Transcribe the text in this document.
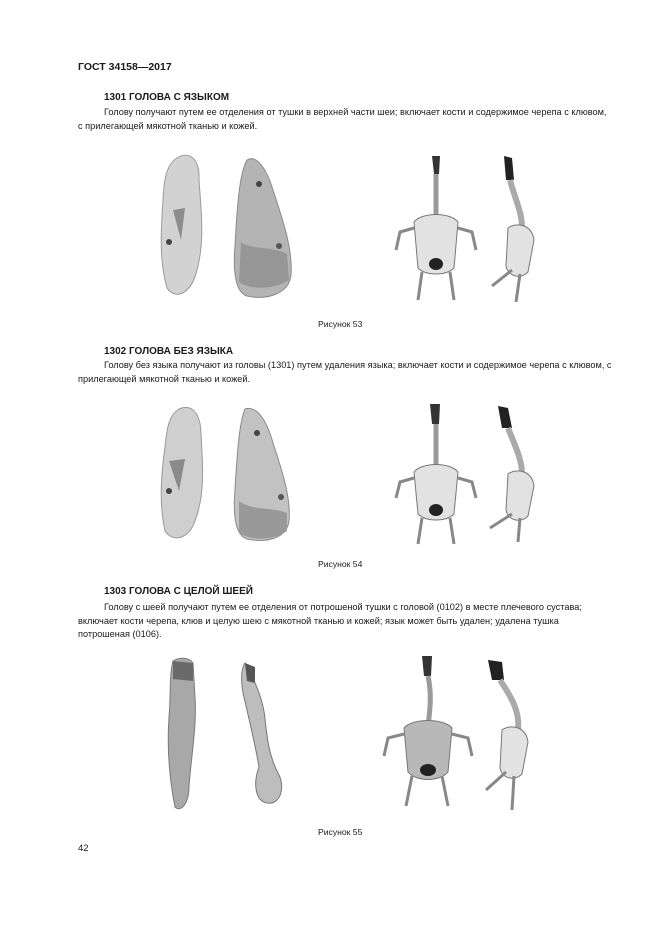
ГОСТ 34158—2017
1301 ГОЛОВА С ЯЗЫКОМ
Голову получают путем ее отделения от тушки в верхней части шеи; включает кости и содержимое черепа с клювом, с прилегающей мякотной тканью и кожей.
Рисунок 53
1302 ГОЛОВА БЕЗ ЯЗЫКА
Голову без языка получают из головы (1301) путем удаления языка; включает кости и содержимое черепа с клювом, с прилегающей мякотной тканью и кожей.
Рисунок 54
1303 ГОЛОВА С ЦЕЛОЙ ШЕЕЙ
Голову с шеей получают путем ее отделения от потрошеной тушки с головой (0102) в месте плечевого сустава; включает кости черепа, клюв и целую шею с мякотной тканью и кожей; язык может быть удален; удалена тушка потрошеная (0106).
Рисунок 55
42
